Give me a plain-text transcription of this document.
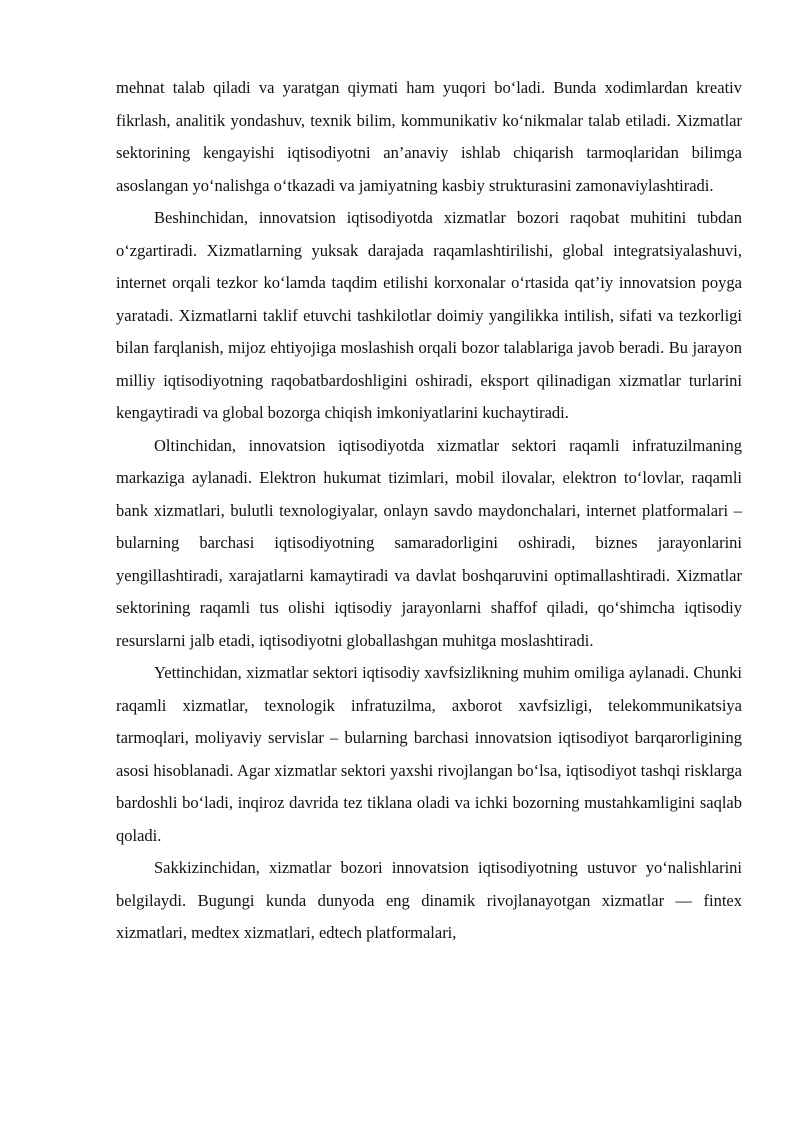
mehnat talab qiladi va yaratgan qiymati ham yuqori bo‘ladi. Bunda xodimlardan kreativ fikrlash, analitik yondashuv, texnik bilim, kommunikativ ko‘nikmalar talab etiladi. Xizmatlar sektorining kengayishi iqtisodiyotni an’anaviy ishlab chiqarish tarmoqlaridan bilimga asoslangan yo‘nalishga o‘tkazadi va jamiyatning kasbiy strukturasini zamonaviylashtiradi.

Beshinchidan, innovatsion iqtisodiyotda xizmatlar bozori raqobat muhitini tubdan o‘zgartiradi. Xizmatlarning yuksak darajada raqamlashtirilishi, global integratsiyalashuvi, internet orqali tezkor ko‘lamda taqdim etilishi korxonalar o‘rtasida qat’iy innovatsion poyga yaratadi. Xizmatlarni taklif etuvchi tashkilotlar doimiy yangilikka intilish, sifati va tezkorligi bilan farqlanish, mijoz ehtiyojiga moslashish orqali bozor talablariga javob beradi. Bu jarayon milliy iqtisodiyotning raqobatbardoshligini oshiradi, eksport qilinadigan xizmatlar turlarini kengaytiradi va global bozorga chiqish imkoniyatlarini kuchaytiradi.

Oltinchidan, innovatsion iqtisodiyotda xizmatlar sektori raqamli infratuzilmaning markaziga aylanadi. Elektron hukumat tizimlari, mobil ilovalar, elektron to‘lovlar, raqamli bank xizmatlari, bulutli texnologiyalar, onlayn savdo maydonchalari, internet platformalari – bularning barchasi iqtisodiyotning samaradorligini oshiradi, biznes jarayonlarini yengillashtiradi, xarajatlarni kamaytiradi va davlat boshqaruvini optimallashtiradi. Xizmatlar sektorining raqamli tus olishi iqtisodiy jarayonlarni shaffof qiladi, qo‘shimcha iqtisodiy resurslarni jalb etadi, iqtisodiyotni globallashgan muhitga moslashtiradi.

Yettinchidan, xizmatlar sektori iqtisodiy xavfsizlikning muhim omiliga aylanadi. Chunki raqamli xizmatlar, texnologik infratuzilma, axborot xavfsizligi, telekommunikatsiya tarmoqlari, moliyaviy servislar – bularning barchasi innovatsion iqtisodiyot barqarorligining asosi hisoblanadi. Agar xizmatlar sektori yaxshi rivojlangan bo‘lsa, iqtisodiyot tashqi risklarga bardoshli bo‘ladi, inqiroz davrida tez tiklana oladi va ichki bozorning mustahkamligini saqlab qoladi.

Sakkizinchidan, xizmatlar bozori innovatsion iqtisodiyotning ustuvor yo‘nalishlarini belgilaydi. Bugungi kunda dunyoda eng dinamik rivojlanayotgan xizmatlar — fintex xizmatlari, medtex xizmatlari, edtech platformalari,
